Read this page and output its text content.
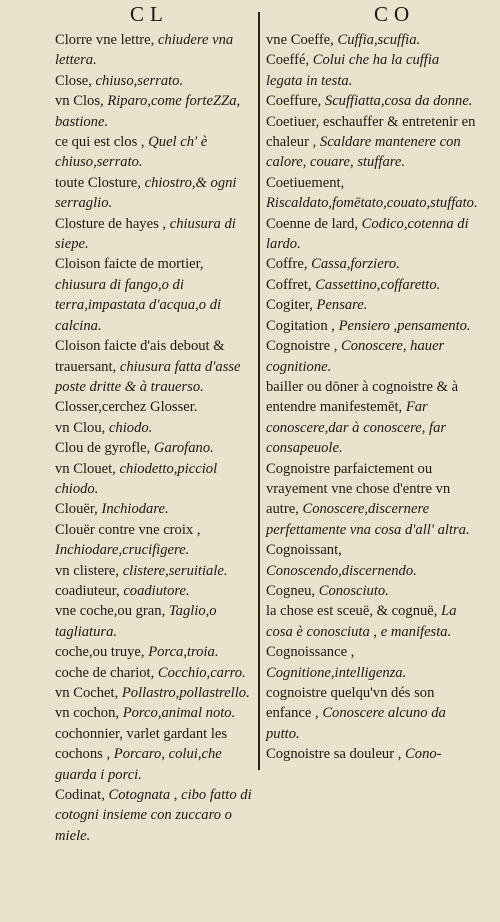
CL	CO
Clorre vne lettre, chiudere vna lettera.
Close, chiuso,serrato.
vn Clos, Riparo,come forteZZa, bastione.
ce qui est clos , Quel ch' è chiuso,serrato.
toute Closture, chiostro,& ogni serraglio.
Closture de hayes , chiusura di siepe.
Cloison faicte de mortier, chiusura di fango,o di terra,impastata d'acqua,o di calcina.
Cloison faicte d'ais debout & trauersant, chiusura fatta d'asse poste dritte & à trauerso.
Closser,cerchez Glosser.
vn Clou, chiodo.
Clou de gyrofle, Garofano.
vn Clouet, chiodetto,picciol chiodo.
Clouër, Inchiodare.
Clouër contre vne croix , Inchiodare,crucifigere.
vn clistere, clistere,seruitiale.
coadiuteur, coadiutore.
vne coche,ou gran, Taglio,o tagliatura.
coche,ou truye, Porca,troia.
coche de chariot, Cocchio,carro.
vn Cochet, Pollastro,pollastrello.
vn cochon, Porco,animal noto.
cochonnier, varlet gardant les cochons , Porcaro, colui,che guarda i porci.
Codinat, Cotognata , cibo fatto di cotogni insieme con zuccaro o miele.
vne Coeffe, Cuffia,scuffia.
Coeffé, Colui che ha la cuffia legata in testa.
Coeffure, Scuffiatta,cosa da donne.
Coetiuer, eschauffer & entretenir en chaleur , Scaldare mantenere con calore, couare, stuffare.
Coetiuement, Riscaldato,fomētato,couato,stuffato.
Coenne de lard, Codico,cotenna di lardo.
Coffre, Cassa,forziero.
Coffret, Cassettino,coffaretto.
Cogiter, Pensare.
Cogitation , Pensiero ,pensamento.
Cognoistre , Conoscere, hauer cognitione.
bailler ou dōner à cognoistre & à entendre manifestemēt, Far conoscere,dar à conoscere, far consapeuole.
Cognoistre parfaictement ou vrayement vne chose d'entre vn autre, Conoscere,discernere perfettamente vna cosa d'all' altra.
Cognoissant, Conoscendo,discernendo.
Cogneu, Conosciuto.
la chose est sceuë, & cognuë, La cosa è conosciuta , e manifesta.
Cognoissance , Cognitione,intelligenza.
cognoistre quelqu'vn dés son enfance , Conoscere alcuno da putto.
Cognoistre sa douleur , Cono-
